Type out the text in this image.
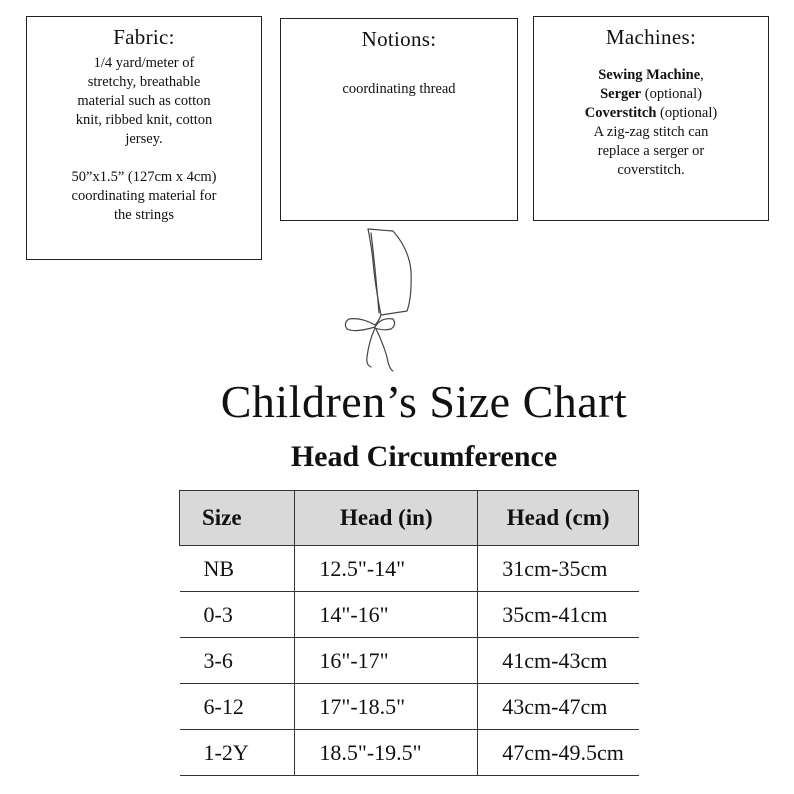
Fabric:
1/4 yard/meter of
stretchy, breathable
material such as cotton
knit, ribbed knit, cotton
jersey.
50”x1.5” (127cm x 4cm)
coordinating material for
the strings
Notions:
coordinating thread
Machines:
Sewing Machine,
Serger (optional)
Coverstitch (optional)
A zig-zag stitch can
replace a serger or
coverstitch.
Children’s Size Chart
Head Circumference
Size	Head (in)	Head (cm)
NB	12.5"-14"	31cm-35cm
0-3	14"-16"	35cm-41cm
3-6	16"-17"	41cm-43cm
6-12	17"-18.5"	43cm-47cm
1-2Y	18.5"-19.5"	47cm-49.5cm
